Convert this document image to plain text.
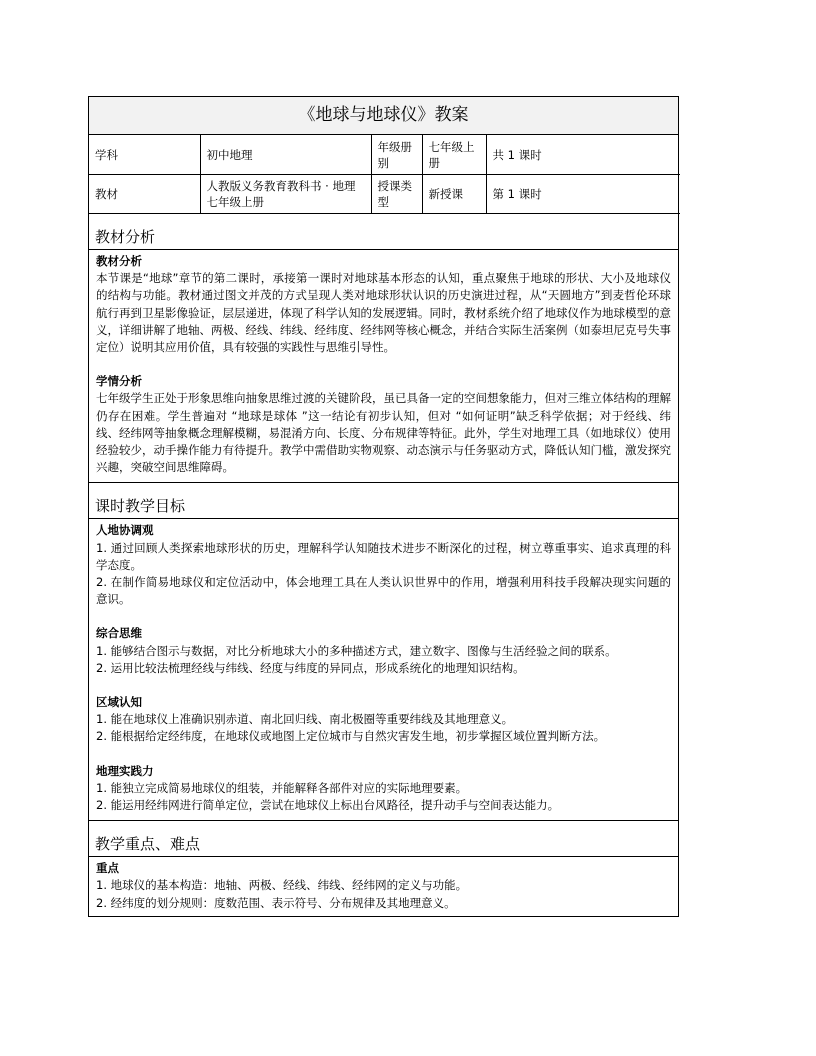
《地球与地球仪》教案
学科	初中地理	年级册别	七年级上册	共 1 课时
教材	人教版义务教育教科书 · 地理七年级上册	授课类型	新授课	第 1 课时
教材分析
教材分析

本节课是“地球”章节的第二课时，承接第一课时对地球基本形态的认知，重点聚焦于地球的形状、大小及地球仪的结构与功能。教材通过图文并茂的方式呈现人类对地球形状认识的历史演进过程，从“天圆地方”到麦哲伦环球航行再到卫星影像验证，层层递进，体现了科学认知的发展逻辑。同时，教材系统介绍了地球仪作为地球模型的意义，详细讲解了地轴、两极、经线、纬线、经纬度、经纬网等核心概念，并结合实际生活案例（如泰坦尼克号失事定位）说明其应用价值，具有较强的实践性与思维引导性。

学情分析

七年级学生正处于形象思维向抽象思维过渡的关键阶段，虽已具备一定的空间想象能力，但对三维立体结构的理解仍存在困难。学生普遍对 “地球是球体 ”这一结论有初步认知，但对 “如何证明”缺乏科学依据；对于经线、纬线、经纬网等抽象概念理解模糊，易混淆方向、长度、分布规律等特征。此外，学生对地理工具（如地球仪）使用经验较少，动手操作能力有待提升。教学中需借助实物观察、动态演示与任务驱动方式，降低认知门槛，激发探究兴趣，突破空间思维障碍。

课时教学目标
人地协调观

1. 通过回顾人类探索地球形状的历史，理解科学认知随技术进步不断深化的过程，树立尊重事实、追求真理的科学态度。

2. 在制作简易地球仪和定位活动中，体会地理工具在人类认识世界中的作用，增强利用科技手段解决现实问题的意识。

综合思维

1. 能够结合图示与数据，对比分析地球大小的多种描述方式，建立数字、图像与生活经验之间的联系。

2. 运用比较法梳理经线与纬线、经度与纬度的异同点，形成系统化的地理知识结构。

区域认知

1. 能在地球仪上准确识别赤道、南北回归线、南北极圈等重要纬线及其地理意义。

2. 能根据给定经纬度，在地球仪或地图上定位城市与自然灾害发生地，初步掌握区域位置判断方法。

地理实践力

1. 能独立完成简易地球仪的组装，并能解释各部件对应的实际地理要素。

2. 能运用经纬网进行简单定位，尝试在地球仪上标出台风路径，提升动手与空间表达能力。

教学重点、难点
重点

1. 地球仪的基本构造：地轴、两极、经线、纬线、经纬网的定义与功能。

2. 经纬度的划分规则：度数范围、表示符号、分布规律及其地理意义。
